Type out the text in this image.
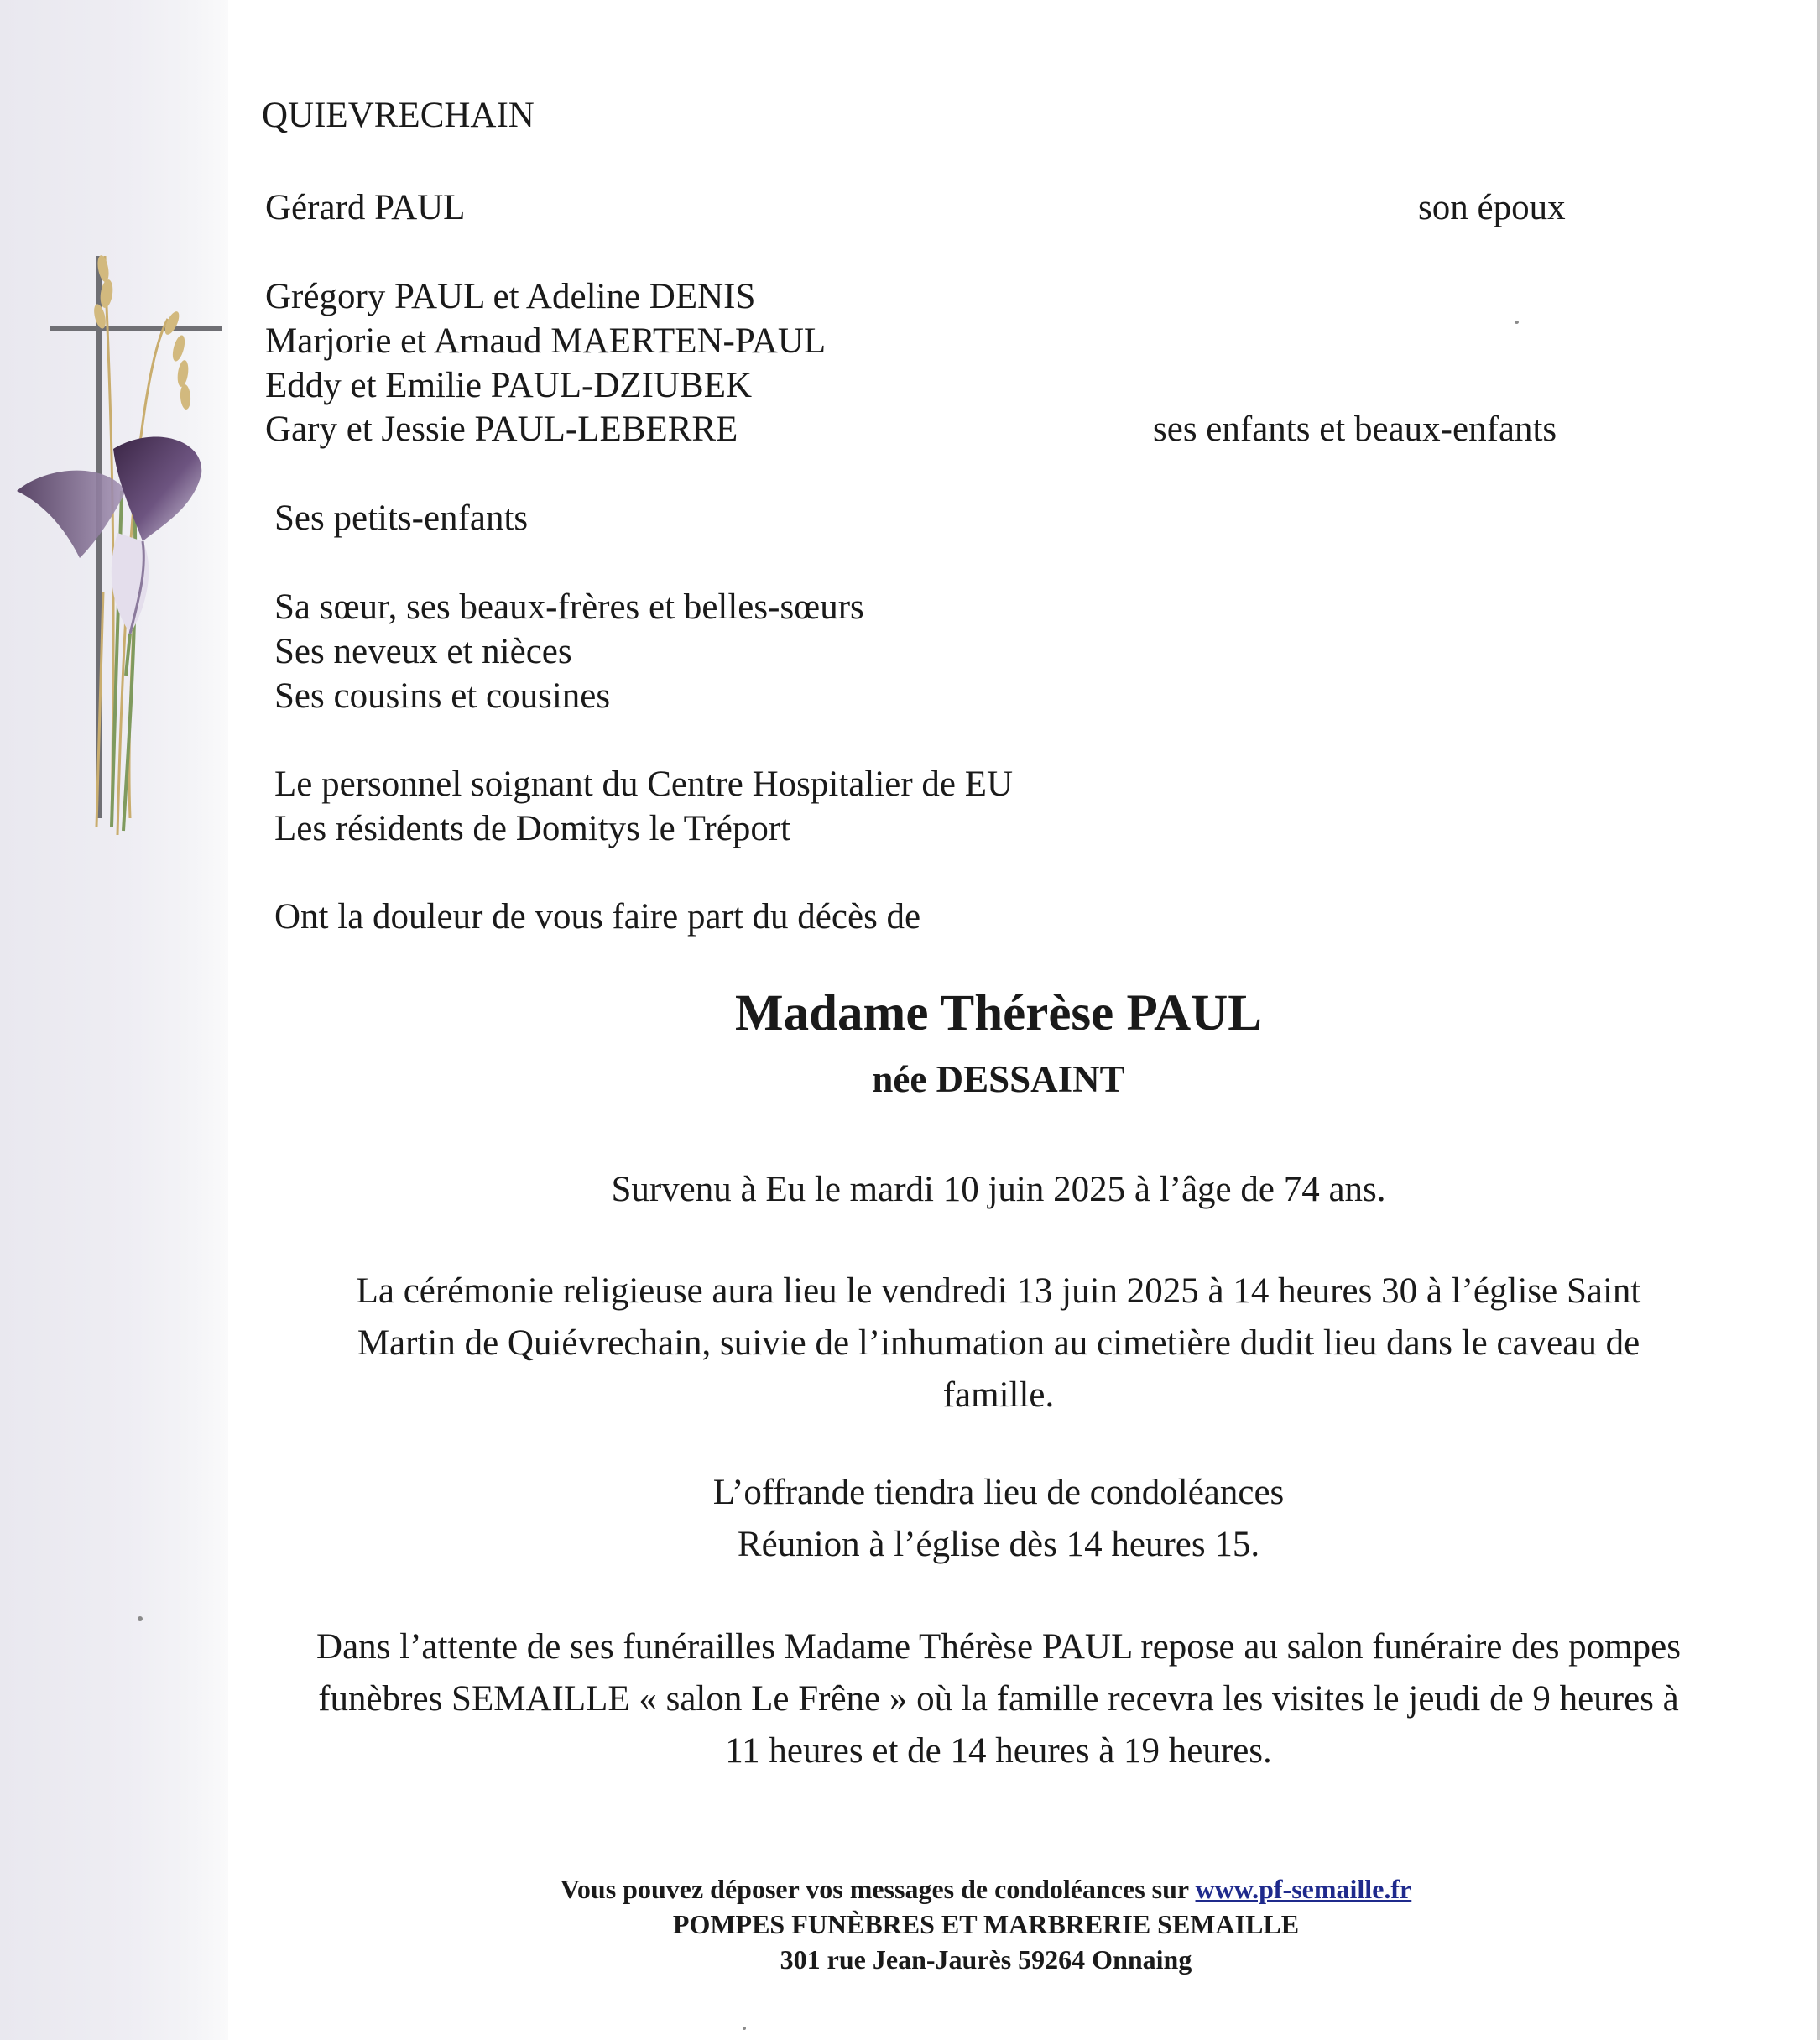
QUIEVRECHAIN

Gérard PAUL	son époux

Grégory PAUL et Adeline DENIS

Marjorie et Arnaud MAERTEN-PAUL

Eddy et Emilie PAUL-DZIUBEK

Gary et Jessie PAUL-LEBERRE	ses enfants et beaux-enfants

Ses petits-enfants

Sa sœur, ses beaux-frères et belles-sœurs

Ses neveux et nièces

Ses cousins et cousines

Le personnel soignant du Centre Hospitalier de EU

Les résidents de Domitys le Tréport

Ont la douleur de vous faire part du décès de

Madame Thérèse PAUL

née DESSAINT

Survenu à Eu le mardi 10 juin 2025 à l’âge de 74 ans.

La cérémonie religieuse aura lieu le vendredi 13 juin 2025 à 14 heures 30 à l’église Saint
Martin de Quiévrechain, suivie de l’inhumation au cimetière dudit lieu dans le caveau de
famille.

L’offrande tiendra lieu de condoléances
Réunion à l’église dès 14 heures 15.

Dans l’attente de ses funérailles Madame Thérèse PAUL repose au salon funéraire des pompes
funèbres SEMAILLE « salon Le Frêne » où la famille recevra les visites le jeudi de 9 heures à
11 heures et de 14 heures à 19 heures.

Vous pouvez déposer vos messages de condoléances sur www.pf-semaille.fr
POMPES FUNÈBRES ET MARBRERIE SEMAILLE
301 rue Jean-Jaurès 59264 Onnaing
